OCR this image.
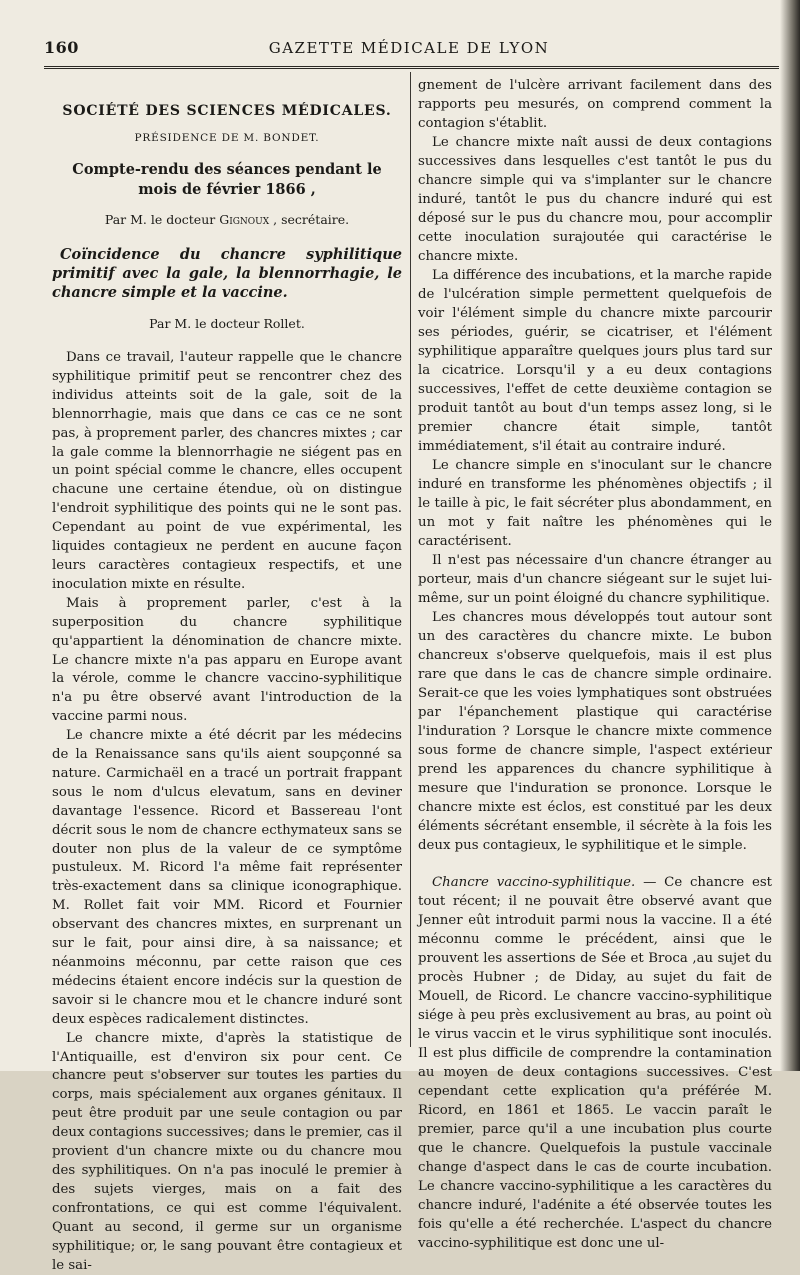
160	GAZETTE MÉDICALE DE LYON
SOCIÉTÉ DES SCIENCES MÉDICALES.
PRÉSIDENCE DE M. BONDET.
Compte-rendu des séances pendant le mois de février 1866 ,
Par M. le docteur Gignoux , secrétaire.
Coïncidence du chancre syphilitique primitif avec la gale, la blennorrhagie, le chancre simple et la vaccine.
Par M. le docteur Rollet.

Dans ce travail, l'auteur rappelle que le chancre syphilitique primitif peut se rencontrer chez des individus atteints soit de la gale, soit de la blennorrhagie, mais que dans ce cas ce ne sont pas, à proprement parler, des chancres mixtes ; car la gale comme la blennorrhagie ne siégent pas en un point spécial comme le chancre, elles occupent chacune une certaine étendue, où on distingue l'endroit syphilitique des points qui ne le sont pas. Cependant au point de vue expérimental, les liquides contagieux ne perdent en aucune façon leurs caractères contagieux respectifs, et une inoculation mixte en résulte.

Mais à proprement parler, c'est à la superposition du chancre syphilitique qu'appartient la dénomination de chancre mixte. Le chancre mixte n'a pas apparu en Europe avant la vérole, comme le chancre vaccino-syphilitique n'a pu être observé avant l'introduction de la vaccine parmi nous.

Le chancre mixte a été décrit par les médecins de la Renaissance sans qu'ils aient soupçonné sa nature. Carmichaël en a tracé un portrait frappant sous le nom d'ulcus elevatum, sans en deviner davantage l'essence. Ricord et Bassereau l'ont décrit sous le nom de chancre ecthymateux sans se douter non plus de la valeur de ce symptôme pustuleux. M. Ricord l'a même fait représenter très-exactement dans sa clinique iconographique. M. Rollet fait voir MM. Ricord et Fournier observant des chancres mixtes, en surprenant un sur le fait, pour ainsi dire, à sa naissance; et néanmoins méconnu, par cette raison que ces médecins étaient encore indécis sur la question de savoir si le chancre mou et le chancre induré sont deux espèces radicalement distinctes.

Le chancre mixte, d'après la statistique de l'Antiquaille, est d'environ six pour cent. Ce chancre peut s'observer sur toutes les parties du corps, mais spécialement aux organes génitaux. Il peut être produit par une seule contagion ou par deux contagions successives; dans le premier, cas il provient d'un chancre mixte ou du chancre mou des syphilitiques. On n'a pas inoculé le premier à des sujets vierges, mais on a fait des confrontations, ce qui est comme l'équivalent. Quant au second, il germe sur un organisme syphilitique; or, le sang pouvant être contagieux et le sai-

gnement de l'ulcère arrivant facilement dans des rapports peu mesurés, on comprend comment la contagion s'établit.

Le chancre mixte naît aussi de deux contagions successives dans lesquelles c'est tantôt le pus du chancre simple qui va s'implanter sur le chancre induré, tantôt le pus du chancre induré qui est déposé sur le pus du chancre mou, pour accomplir cette inoculation surajoutée qui caractérise le chancre mixte.

La différence des incubations, et la marche rapide de l'ulcération simple permettent quelquefois de voir l'élément simple du chancre mixte parcourir ses périodes, guérir, se cicatriser, et l'élément syphilitique apparaître quelques jours plus tard sur la cicatrice. Lorsqu'il y a eu deux contagions successives, l'effet de cette deuxième contagion se produit tantôt au bout d'un temps assez long, si le premier chancre était simple, tantôt immédiatement, s'il était au contraire induré.

Le chancre simple en s'inoculant sur le chancre induré en transforme les phénomènes objectifs ; il le taille à pic, le fait sécréter plus abondamment, en un mot y fait naître les phénomènes qui le caractérisent.

Il n'est pas nécessaire d'un chancre étranger au porteur, mais d'un chancre siégeant sur le sujet lui-même, sur un point éloigné du chancre syphilitique.

Les chancres mous développés tout autour sont un des caractères du chancre mixte. Le bubon chancreux s'observe quelquefois, mais il est plus rare que dans le cas de chancre simple ordinaire. Serait-ce que les voies lymphatiques sont obstruées par l'épanchement plastique qui caractérise l'induration ? Lorsque le chancre mixte commence sous forme de chancre simple, l'aspect extérieur prend les apparences du chancre syphilitique à mesure que l'induration se prononce. Lorsque le chancre mixte est éclos, est constitué par les deux éléments sécrétant ensemble, il sécrète à la fois les deux pus contagieux, le syphilitique et le simple.

Chancre vaccino-syphilitique. — Ce chancre est tout récent; il ne pouvait être observé avant que Jenner eût introduit parmi nous la vaccine. Il a été méconnu comme le précédent, ainsi que le prouvent les assertions de Sée et Broca ,au sujet du procès Hubner ; de Diday, au sujet du fait de Mouell, de Ricord. Le chancre vaccino-syphilitique siége à peu près exclusivement au bras, au point où le virus vaccin et le virus syphilitique sont inoculés. Il est plus difficile de comprendre la contamination au moyen de deux contagions successives. C'est cependant cette explication qu'a préférée M. Ricord, en 1861 et 1865. Le vaccin paraît le premier, parce qu'il a une incubation plus courte que le chancre. Quelquefois la pustule vaccinale change d'aspect dans le cas de courte incubation. Le chancre vaccino-syphilitique a les caractères du chancre induré, l'adénite a été observée toutes les fois qu'elle a été recherchée. L'aspect du chancre vaccino-syphilitique est donc une ul-
